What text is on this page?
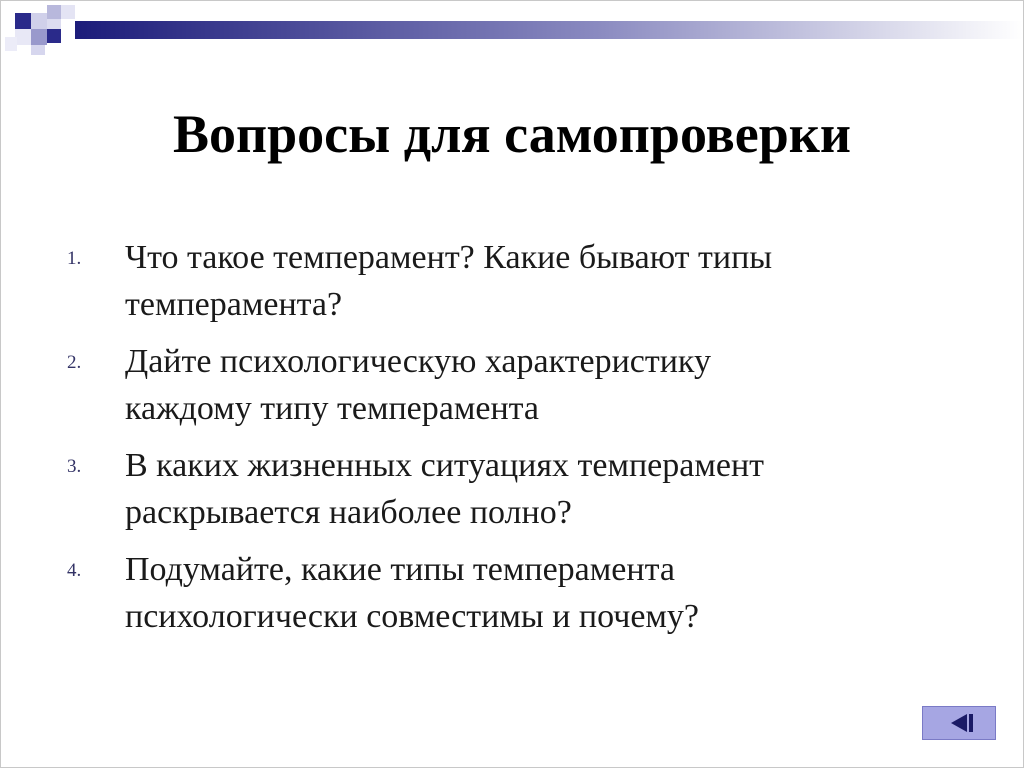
Вопросы для самопроверки
1. Что такое темперамент? Какие бывают типы темперамента?
2. Дайте психологическую характеристику каждому типу темперамента
3. В каких жизненных ситуациях темперамент раскрывается наиболее полно?
4. Подумайте, какие типы темперамента психологически совместимы и почему?
